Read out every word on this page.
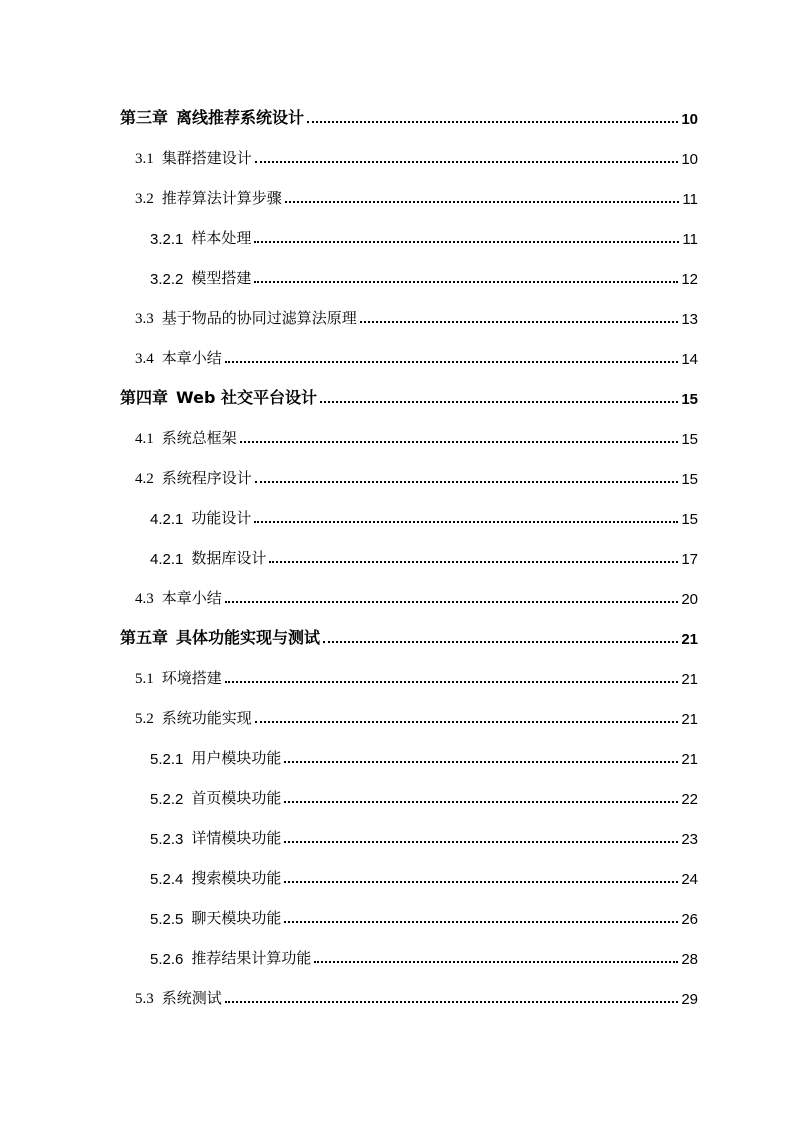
第三章 离线推荐系统设计	10
3.1 集群搭建设计	10
3.2 推荐算法计算步骤	11
3.2.1 样本处理	11
3.2.2 模型搭建	12
3.3 基于物品的协同过滤算法原理	13
3.4 本章小结	14
第四章 Web 社交平台设计	15
4.1 系统总框架	15
4.2 系统程序设计	15
4.2.1 功能设计	15
4.2.1 数据库设计	17
4.3 本章小结	20
第五章 具体功能实现与测试	21
5.1 环境搭建	21
5.2 系统功能实现	21
5.2.1 用户模块功能	21
5.2.2 首页模块功能	22
5.2.3 详情模块功能	23
5.2.4 搜索模块功能	24
5.2.5 聊天模块功能	26
5.2.6 推荐结果计算功能	28
5.3 系统测试	29
